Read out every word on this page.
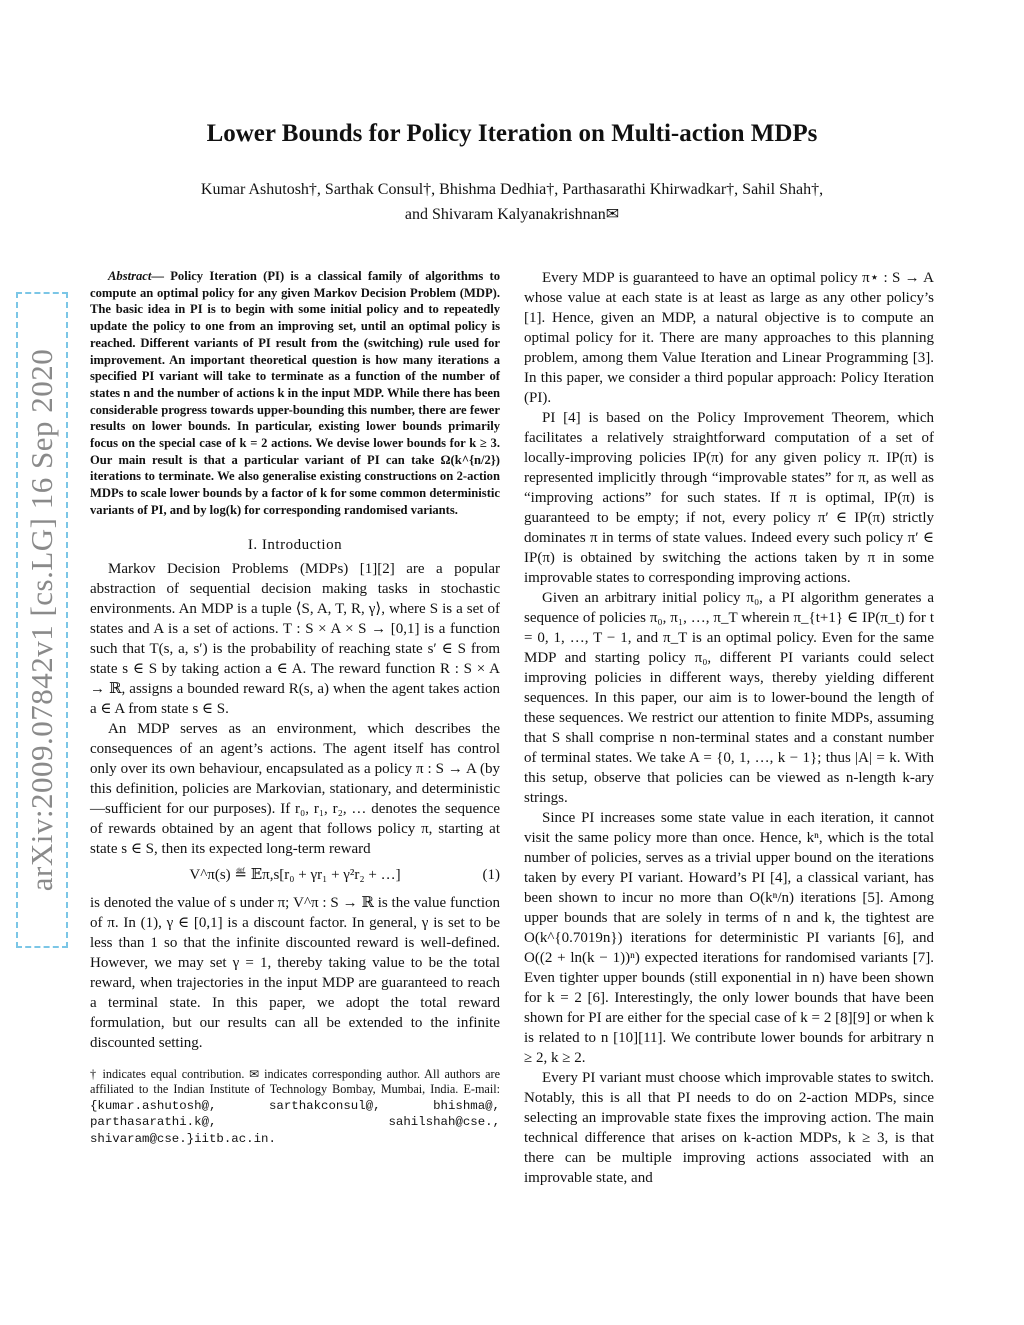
arXiv:2009.07842v1 [cs.LG] 16 Sep 2020
Lower Bounds for Policy Iteration on Multi-action MDPs
Kumar Ashutosh†, Sarthak Consul†, Bhishma Dedhia†, Parthasarathi Khirwadkar†, Sahil Shah†,
and Shivaram Kalyanakrishnan✉

Abstract— Policy Iteration (PI) is a classical family of algorithms to compute an optimal policy for any given Markov Decision Problem (MDP). The basic idea in PI is to begin with some initial policy and to repeatedly update the policy to one from an improving set, until an optimal policy is reached. Different variants of PI result from the (switching) rule used for improvement. An important theoretical question is how many iterations a specified PI variant will take to terminate as a function of the number of states n and the number of actions k in the input MDP. While there has been considerable progress towards upper-bounding this number, there are fewer results on lower bounds. In particular, existing lower bounds primarily focus on the special case of k = 2 actions. We devise lower bounds for k ≥ 3. Our main result is that a particular variant of PI can take Ω(k^{n/2}) iterations to terminate. We also generalise existing constructions on 2-action MDPs to scale lower bounds by a factor of k for some common deterministic variants of PI, and by log(k) for corresponding randomised variants.

I. Introduction

Markov Decision Problems (MDPs) [1][2] are a popular abstraction of sequential decision making tasks in stochastic environments. An MDP is a tuple ⟨S, A, T, R, γ⟩, where S is a set of states and A is a set of actions. T : S × A × S → [0,1] is a function such that T(s, a, s′) is the probability of reaching state s′ ∈ S from state s ∈ S by taking action a ∈ A. The reward function R : S × A → ℝ, assigns a bounded reward R(s, a) when the agent takes action a ∈ A from state s ∈ S.

An MDP serves as an environment, which describes the consequences of an agent’s actions. The agent itself has control only over its own behaviour, encapsulated as a policy π : S → A (by this definition, policies are Markovian, stationary, and deterministic—sufficient for our purposes). If r₀, r₁, r₂, … denotes the sequence of rewards obtained by an agent that follows policy π, starting at state s ∈ S, then its expected long-term reward

V^π(s) ≝ 𝔼π,s[r₀ + γr₁ + γ²r₂ + …]	(1)

is denoted the value of s under π; V^π : S → ℝ is the value function of π. In (1), γ ∈ [0,1] is a discount factor. In general, γ is set to be less than 1 so that the infinite discounted reward is well-defined. However, we may set γ = 1, thereby taking value to be the total reward, when trajectories in the input MDP are guaranteed to reach a terminal state. In this paper, we adopt the total reward formulation, but our results can all be extended to the infinite discounted setting.

† indicates equal contribution. ✉ indicates corresponding author. All authors are affiliated to the Indian Institute of Technology Bombay, Mumbai, India. E-mail: {kumar.ashutosh@, sarthakconsul@, bhishma@, parthasarathi.k@, sahilshah@cse., shivaram@cse.}iitb.ac.in.

Every MDP is guaranteed to have an optimal policy π⋆ : S → A whose value at each state is at least as large as any other policy’s [1]. Hence, given an MDP, a natural objective is to compute an optimal policy for it. There are many approaches to this planning problem, among them Value Iteration and Linear Programming [3]. In this paper, we consider a third popular approach: Policy Iteration (PI).

PI [4] is based on the Policy Improvement Theorem, which facilitates a relatively straightforward computation of a set of locally-improving policies IP(π) for any given policy π. IP(π) is represented implicitly through “improvable states” for π, as well as “improving actions” for such states. If π is optimal, IP(π) is guaranteed to be empty; if not, every policy π′ ∈ IP(π) strictly dominates π in terms of state values. Indeed every such policy π′ ∈ IP(π) is obtained by switching the actions taken by π in some improvable states to corresponding improving actions.

Given an arbitrary initial policy π₀, a PI algorithm generates a sequence of policies π₀, π₁, …, π_T wherein π_{t+1} ∈ IP(π_t) for t = 0, 1, …, T − 1, and π_T is an optimal policy. Even for the same MDP and starting policy π₀, different PI variants could select improving policies in different ways, thereby yielding different sequences. In this paper, our aim is to lower-bound the length of these sequences. We restrict our attention to finite MDPs, assuming that S shall comprise n non-terminal states and a constant number of terminal states. We take A = {0, 1, …, k − 1}; thus |A| = k. With this setup, observe that policies can be viewed as n-length k-ary strings.

Since PI increases some state value in each iteration, it cannot visit the same policy more than once. Hence, kⁿ, which is the total number of policies, serves as a trivial upper bound on the iterations taken by every PI variant. Howard’s PI [4], a classical variant, has been shown to incur no more than O(kⁿ/n) iterations [5]. Among upper bounds that are solely in terms of n and k, the tightest are O(k^{0.7019n}) iterations for deterministic PI variants [6], and O((2 + ln(k − 1))ⁿ) expected iterations for randomised variants [7]. Even tighter upper bounds (still exponential in n) have been shown for k = 2 [6]. Interestingly, the only lower bounds that have been shown for PI are either for the special case of k = 2 [8][9] or when k is related to n [10][11]. We contribute lower bounds for arbitrary n ≥ 2, k ≥ 2.

Every PI variant must choose which improvable states to switch. Notably, this is all that PI needs to do on 2-action MDPs, since selecting an improvable state fixes the improving action. The main technical difference that arises on k-action MDPs, k ≥ 3, is that there can be multiple improving actions associated with an improvable state, and
